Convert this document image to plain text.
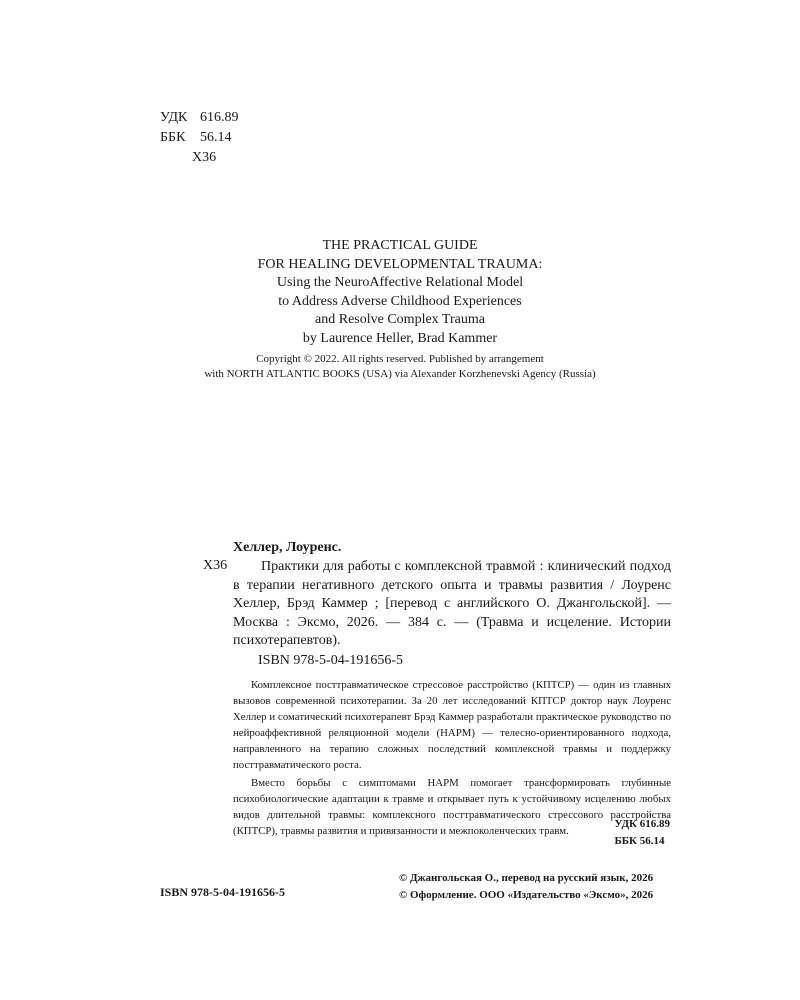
УДК 616.89
ББК	56.14
Х36
THE PRACTICAL GUIDE
FOR HEALING DEVELOPMENTAL TRAUMA:
Using the NeuroAffective Relational Model
to Address Adverse Childhood Experiences
and Resolve Complex Trauma
by Laurence Heller, Brad Kammer
Copyright © 2022. All rights reserved. Published by arrangement
with NORTH ATLANTIC BOOKS (USA) via Alexander Korzhenevski Agency (Russia)
Хеллер, Лоуренс.
Х36	Практики для работы с комплексной травмой : клинический подход в терапии негативного детского опыта и травмы развития / Лоуренс Хеллер, Брэд Каммер ; [перевод с английского О. Джангольской]. — Москва : Эксмо, 2026. — 384 с. — (Травма и исцеление. Истории психотерапевтов).
ISBN 978-5-04-191656-5

Комплексное посттравматическое стрессовое расстройство (КПТСР) — один из главных вызовов современной психотерапии. За 20 лет исследований КПТСР доктор наук Лоуренс Хеллер и соматический психотерапевт Брэд Каммер разработали практическое руководство по нейроаффективной реляционной модели (НАРМ) — телесно-ориентированного подхода, направленного на терапию сложных последствий комплексной травмы и поддержку посттравматического роста.

Вместо борьбы с симптомами НАРМ помогает трансформировать глубинные психобиологические адаптации к травме и открывает путь к устойчивому исцелению любых видов длительной травмы: комплексного посттравматического стрессового расстройства (КПТСР), травмы развития и привязанности и межпоколенческих травм.

УДК 616.89
ББК 56.14
ISBN 978-5-04-191656-5
© Джангольская О., перевод на русский язык, 2026
© Оформление. ООО «Издательство «Эксмо», 2026
